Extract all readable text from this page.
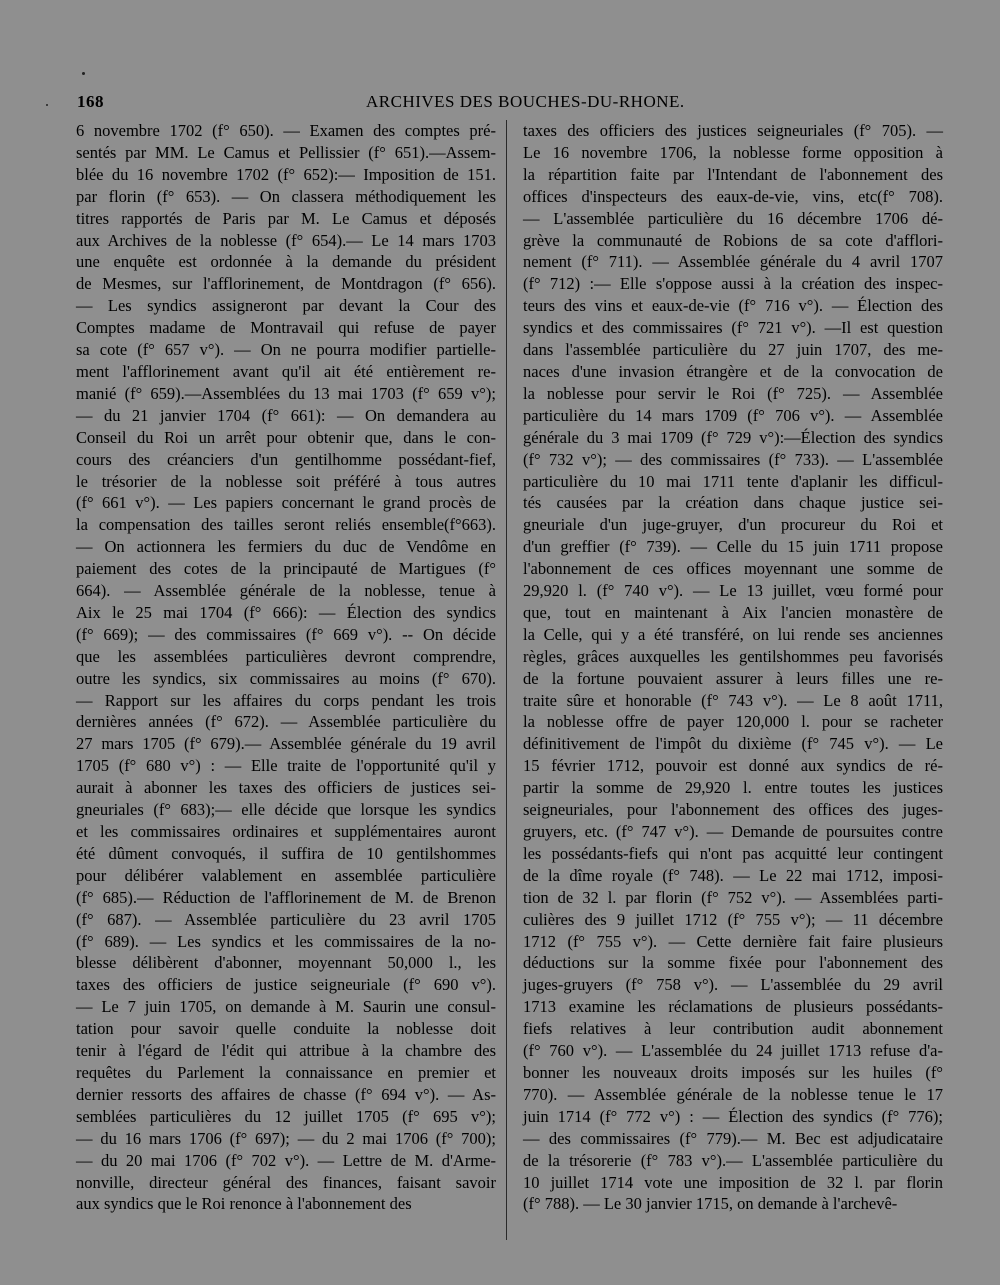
168	ARCHIVES DES BOUCHES-DU-RHONE.
6 novembre 1702 (f° 650). — Examen des comptes pré-
sentés par MM. Le Camus et Pellissier (f° 651).—Assem-
blée du 16 novembre 1702 (f° 652):— Imposition de 151.
par florin (f° 653). — On classera méthodiquement les
titres rapportés de Paris par M. Le Camus et déposés
aux Archives de la noblesse (f° 654).— Le 14 mars 1703
une enquête est ordonnée à la demande du président
de Mesmes, sur l'afflorinement, de Montdragon (f° 656).
— Les syndics assigneront par devant la Cour des
Comptes madame de Montravail qui refuse de payer
sa cote (f° 657 v°). — On ne pourra modifier partielle-
ment l'afflorinement avant qu'il ait été entièrement re-
manié (f° 659).—Assemblées du 13 mai 1703 (f° 659 v°);
— du 21 janvier 1704 (f° 661): — On demandera au
Conseil du Roi un arrêt pour obtenir que, dans le con-
cours des créanciers d'un gentilhomme possédant-fief,
le trésorier de la noblesse soit préféré à tous autres
(f° 661 v°). — Les papiers concernant le grand procès de
la compensation des tailles seront reliés ensemble(f°663).
— On actionnera les fermiers du duc de Vendôme en
paiement des cotes de la principauté de Martigues (f°
664). — Assemblée générale de la noblesse, tenue à
Aix le 25 mai 1704 (f° 666): — Élection des syndics
(f° 669); — des commissaires (f° 669 v°). -- On décide
que les assemblées particulières devront comprendre,
outre les syndics, six commissaires au moins (f° 670).
— Rapport sur les affaires du corps pendant les trois
dernières années (f° 672). — Assemblée particulière du
27 mars 1705 (f° 679).— Assemblée générale du 19 avril
1705 (f° 680 v°) : — Elle traite de l'opportunité qu'il y
aurait à abonner les taxes des officiers de justices sei-
gneuriales (f° 683);— elle décide que lorsque les syndics
et les commissaires ordinaires et supplémentaires auront
été dûment convoqués, il suffira de 10 gentilshommes
pour délibérer valablement en assemblée particulière
(f° 685).— Réduction de l'afflorinement de M. de Brenon
(f° 687). — Assemblée particulière du 23 avril 1705
(f° 689). — Les syndics et les commissaires de la no-
blesse délibèrent d'abonner, moyennant 50,000 l., les
taxes des officiers de justice seigneuriale (f° 690 v°).
— Le 7 juin 1705, on demande à M. Saurin une consul-
tation pour savoir quelle conduite la noblesse doit
tenir à l'égard de l'édit qui attribue à la chambre des
requêtes du Parlement la connaissance en premier et
dernier ressorts des affaires de chasse (f° 694 v°). — As-
semblées particulières du 12 juillet 1705 (f° 695 v°);
— du 16 mars 1706 (f° 697); — du 2 mai 1706 (f° 700);
— du 20 mai 1706 (f° 702 v°). — Lettre de M. d'Arme-
nonville, directeur général des finances, faisant savoir
aux syndics que le Roi renonce à l'abonnement des
taxes des officiers des justices seigneuriales (f° 705). —
Le 16 novembre 1706, la noblesse forme opposition à
la répartition faite par l'Intendant de l'abonnement des
offices d'inspecteurs des eaux-de-vie, vins, etc(f° 708).
— L'assemblée particulière du 16 décembre 1706 dé-
grève la communauté de Robions de sa cote d'afflori-
nement (f° 711). — Assemblée générale du 4 avril 1707
(f° 712) :— Elle s'oppose aussi à la création des inspec-
teurs des vins et eaux-de-vie (f° 716 v°). — Élection des
syndics et des commissaires (f° 721 v°). —Il est question
dans l'assemblée particulière du 27 juin 1707, des me-
naces d'une invasion étrangère et de la convocation de
la noblesse pour servir le Roi (f° 725). — Assemblée
particulière du 14 mars 1709 (f° 706 v°). — Assemblée
générale du 3 mai 1709 (f° 729 v°):—Élection des syndics
(f° 732 v°); — des commissaires (f° 733). — L'assemblée
particulière du 10 mai 1711 tente d'aplanir les difficul-
tés causées par la création dans chaque justice sei-
gneuriale d'un juge-gruyer, d'un procureur du Roi et
d'un greffier (f° 739). — Celle du 15 juin 1711 propose
l'abonnement de ces offices moyennant une somme de
29,920 l. (f° 740 v°). — Le 13 juillet, vœu formé pour
que, tout en maintenant à Aix l'ancien monastère de
la Celle, qui y a été transféré, on lui rende ses anciennes
règles, grâces auxquelles les gentilshommes peu favorisés
de la fortune pouvaient assurer à leurs filles une re-
traite sûre et honorable (f° 743 v°). — Le 8 août 1711,
la noblesse offre de payer 120,000 l. pour se racheter
définitivement de l'impôt du dixième (f° 745 v°). — Le
15 février 1712, pouvoir est donné aux syndics de ré-
partir la somme de 29,920 l. entre toutes les justices
seigneuriales, pour l'abonnement des offices des juges-
gruyers, etc. (f° 747 v°). — Demande de poursuites contre
les possédants-fiefs qui n'ont pas acquitté leur contingent
de la dîme royale (f° 748). — Le 22 mai 1712, imposi-
tion de 32 l. par florin (f° 752 v°). — Assemblées parti-
culières des 9 juillet 1712 (f° 755 v°); — 11 décembre
1712 (f° 755 v°). — Cette dernière fait faire plusieurs
déductions sur la somme fixée pour l'abonnement des
juges-gruyers (f° 758 v°). — L'assemblée du 29 avril
1713 examine les réclamations de plusieurs possédants-
fiefs relatives à leur contribution audit abonnement
(f° 760 v°). — L'assemblée du 24 juillet 1713 refuse d'a-
bonner les nouveaux droits imposés sur les huiles (f°
770). — Assemblée générale de la noblesse tenue le 17
juin 1714 (f° 772 v°) : — Élection des syndics (f° 776);
— des commissaires (f° 779).— M. Bec est adjudicataire
de la trésorerie (f° 783 v°).— L'assemblée particulière du
10 juillet 1714 vote une imposition de 32 l. par florin
(f° 788). — Le 30 janvier 1715, on demande à l'archevê-
